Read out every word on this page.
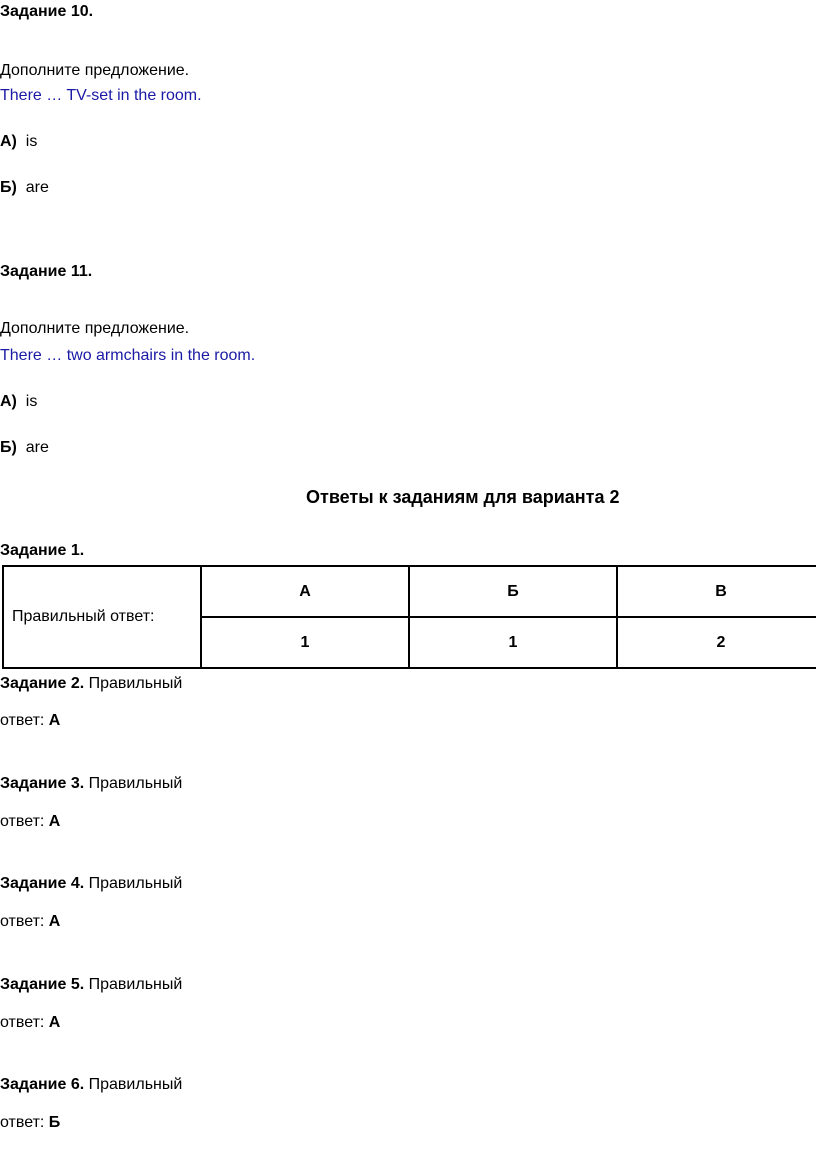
Задание 10.
Дополните предложение.
There … TV-set in the room.
А) is
Б) are
Задание 11.
Дополните предложение.
There … two armchairs in the room.
А) is
Б) are
Ответы к заданиям для варианта 2
Задание 1.
Правильный ответ:	А	Б	В
	1	1	2
Задание 2. Правильный
ответ: А
Задание 3. Правильный
ответ: А
Задание 4. Правильный
ответ: А
Задание 5. Правильный
ответ: А
Задание 6. Правильный
ответ: Б
